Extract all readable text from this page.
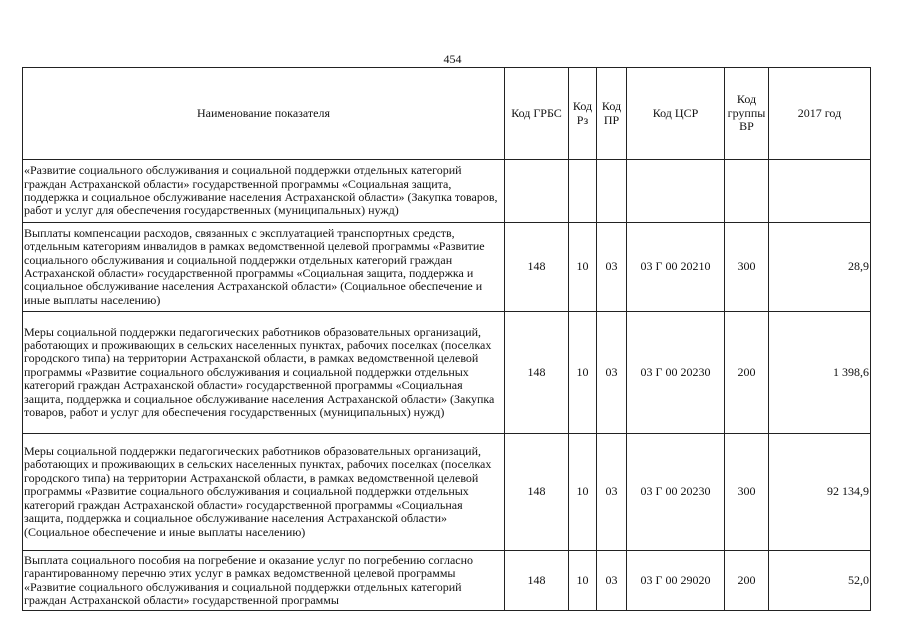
454
Наименование показателя	Код ГРБС	Код Рз	Код ПР	Код ЦСР	Код группы ВР	2017 год
«Развитие социального обслуживания и социальной поддержки отдельных категорий граждан Астраханской области» государственной программы «Социальная защита, поддержка и социальное обслуживание населения Астраханской области» (Закупка товаров, работ и услуг для обеспечения государственных (муниципальных) нужд)						
Выплаты компенсации расходов, связанных с эксплуатацией транспортных средств, отдельным категориям инвалидов в рамках ведомственной целевой программы «Развитие социального обслуживания и социальной поддержки отдельных категорий граждан Астраханской области» государственной программы «Социальная защита, поддержка и социальное обслуживание населения Астраханской области» (Социальное обеспечение и иные выплаты населению)	148	10	03	03 Г 00 20210	300	28,9
Меры социальной поддержки педагогических работников образовательных организаций, работающих и проживающих в сельских населенных пунктах, рабочих поселках (поселках городского типа) на территории Астраханской области, в рамках ведомственной целевой программы «Развитие социального обслуживания и социальной поддержки отдельных категорий граждан Астраханской области» государственной программы «Социальная защита, поддержка и социальное обслуживание населения Астраханской области» (Закупка товаров, работ и услуг для обеспечения государственных (муниципальных) нужд)	148	10	03	03 Г 00 20230	200	1 398,6
Меры социальной поддержки педагогических работников образовательных организаций, работающих и проживающих в сельских населенных пунктах, рабочих поселках (поселках городского типа) на территории Астраханской области, в рамках ведомственной целевой программы «Развитие социального обслуживания и социальной поддержки отдельных категорий граждан Астраханской области» государственной программы «Социальная защита, поддержка и социальное обслуживание населения Астраханской области» (Социальное обеспечение и иные выплаты населению)	148	10	03	03 Г 00 20230	300	92 134,9
Выплата социального пособия на погребение и оказание услуг по погребению согласно гарантированному перечню этих услуг в рамках ведомственной целевой программы «Развитие социального обслуживания и социальной поддержки отдельных категорий граждан Астраханской области» государственной программы	148	10	03	03 Г 00 29020	200	52,0
